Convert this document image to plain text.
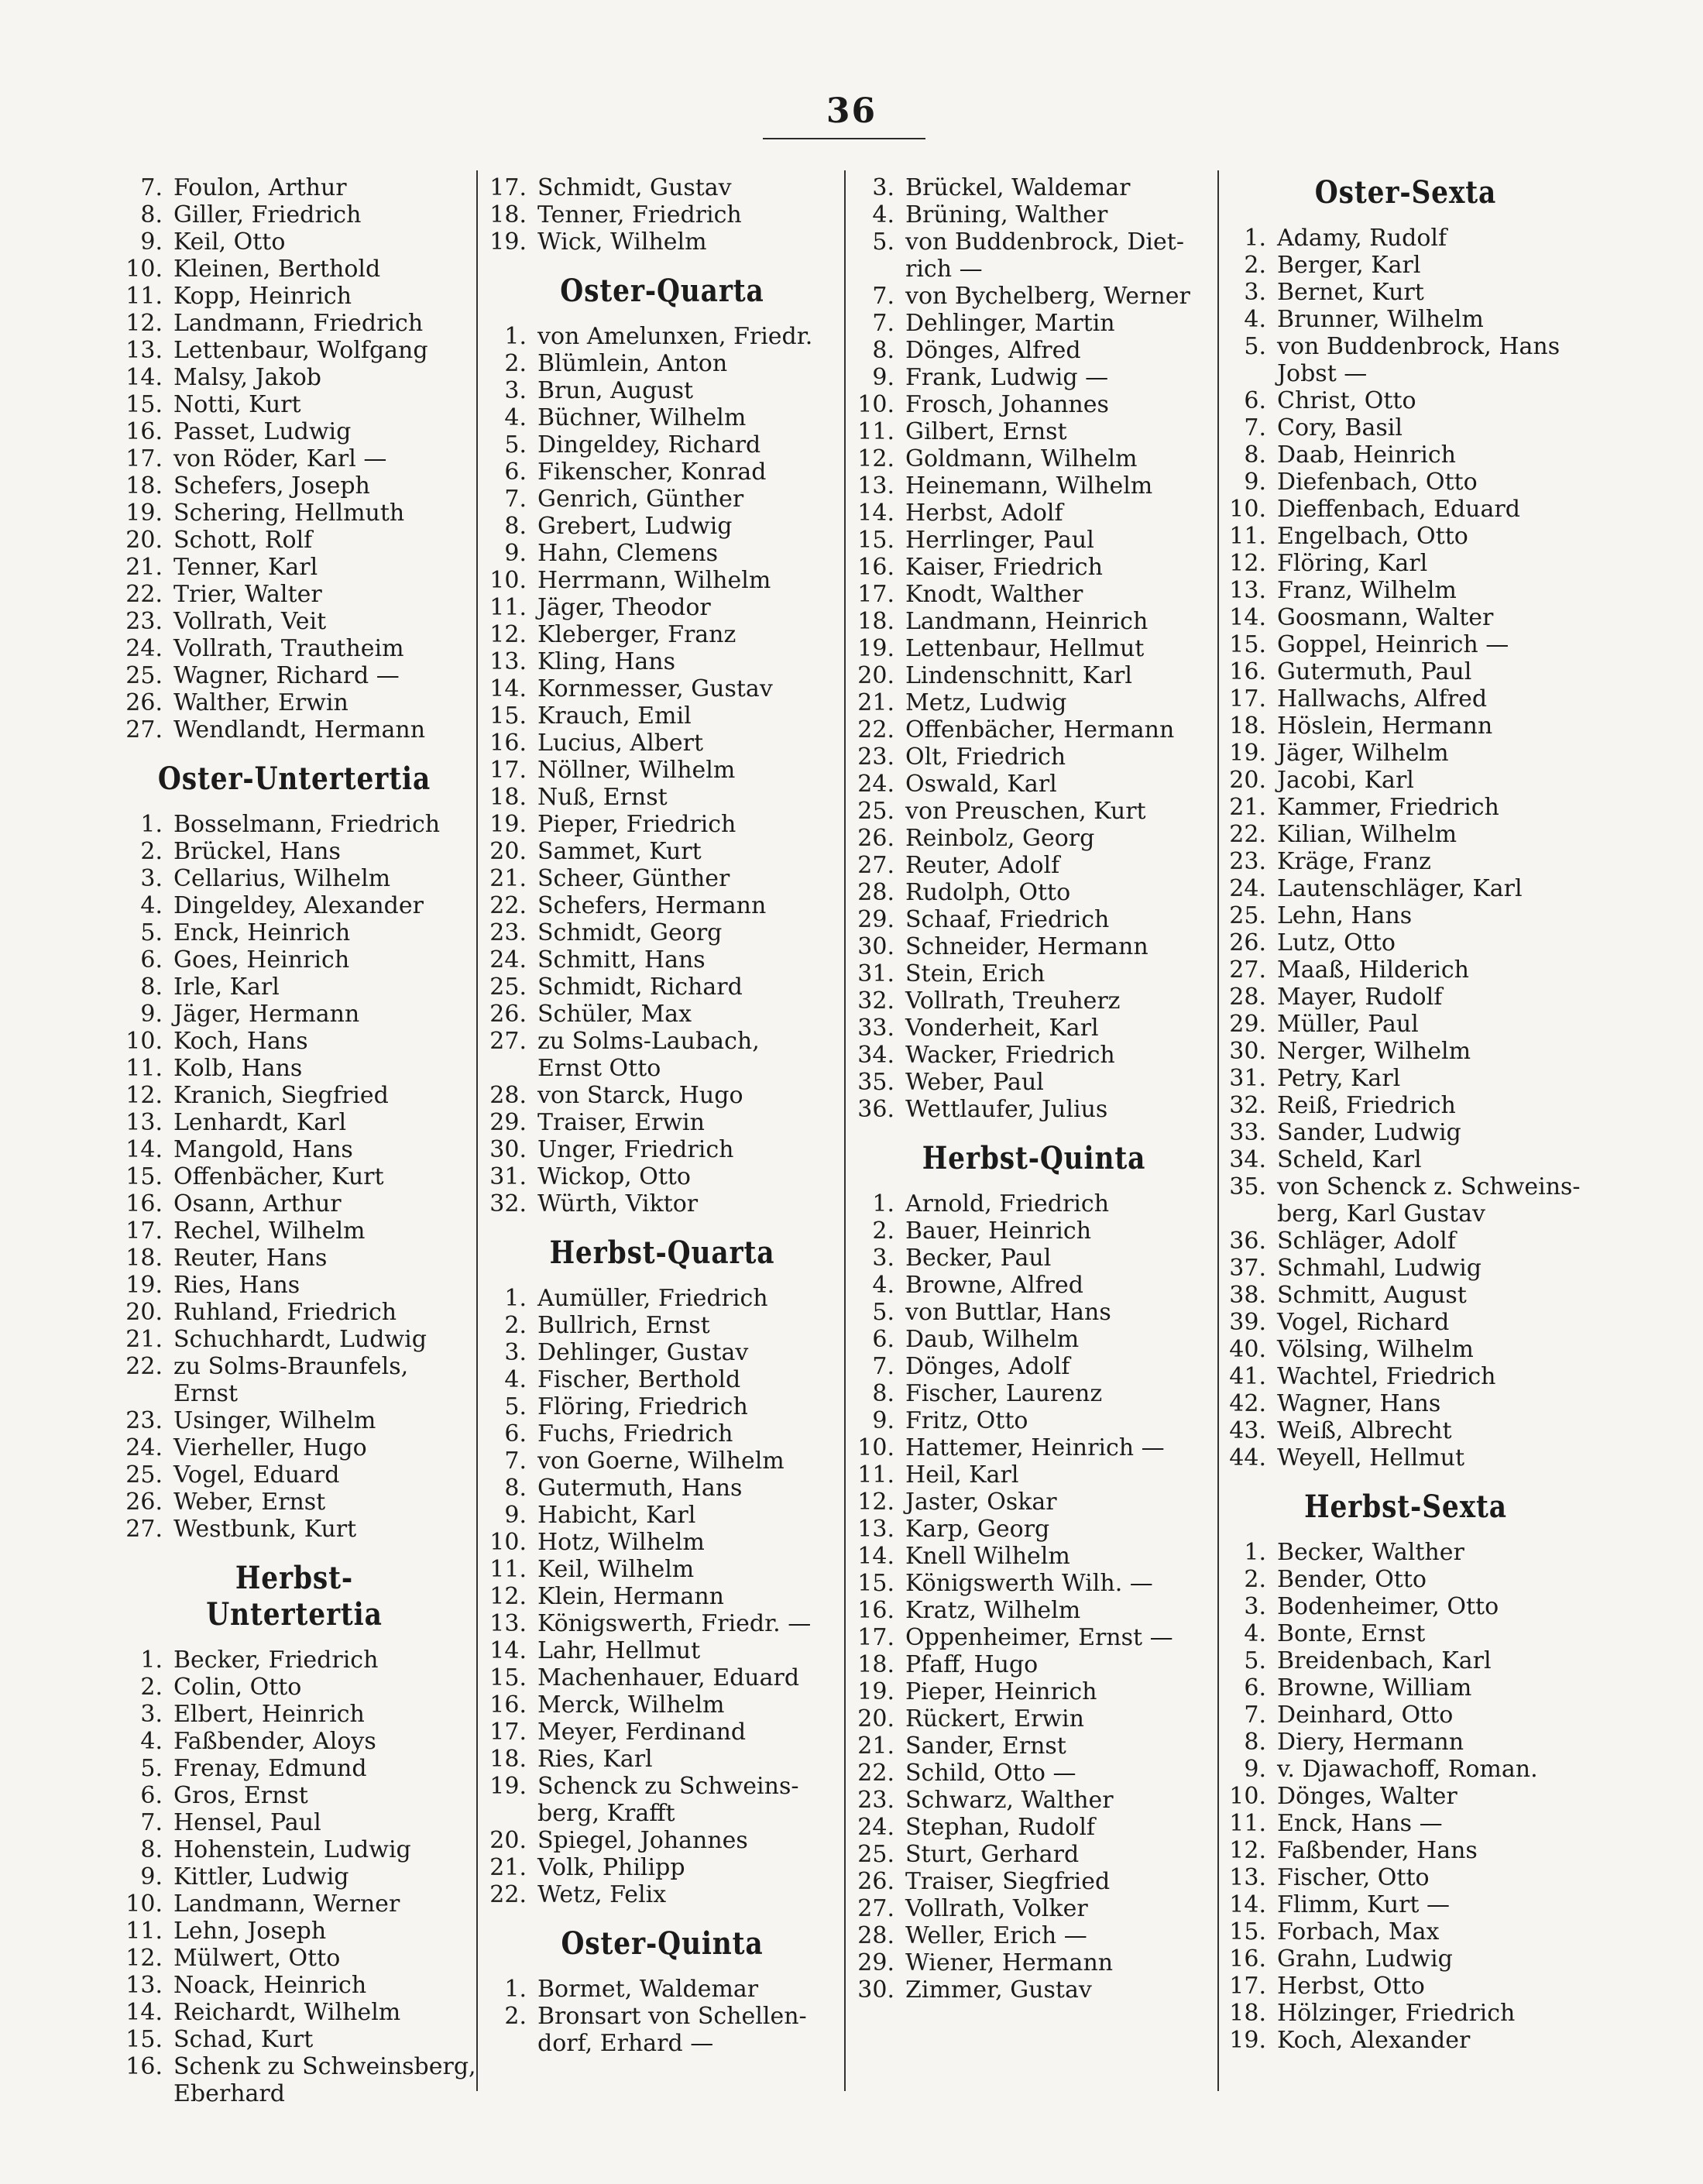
36
7. Foulon, Arthur
8. Giller, Friedrich
9. Keil, Otto
10. Kleinen, Berthold
11. Kopp, Heinrich
12. Landmann, Friedrich
13. Lettenbaur, Wolfgang
14. Malsy, Jakob
15. Notti, Kurt
16. Passet, Ludwig
17. von Röder, Karl —
18. Schefers, Joseph
19. Schering, Hellmuth
20. Schott, Rolf
21. Tenner, Karl
22. Trier, Walter
23. Vollrath, Veit
24. Vollrath, Trautheim
25. Wagner, Richard —
26. Walther, Erwin
27. Wendlandt, Hermann
Oster-Untertertia
1. Bosselmann, Friedrich
2. Brückel, Hans
3. Cellarius, Wilhelm
4. Dingeldey, Alexander
5. Enck, Heinrich
6. Goes, Heinrich
8. Irle, Karl
9. Jäger, Hermann
10. Koch, Hans
11. Kolb, Hans
12. Kranich, Siegfried
13. Lenhardt, Karl
14. Mangold, Hans
15. Offenbächer, Kurt
16. Osann, Arthur
17. Rechel, Wilhelm
18. Reuter, Hans
19. Ries, Hans
20. Ruhland, Friedrich
21. Schuchhardt, Ludwig
22. zu Solms-Braunfels,
Ernst
23. Usinger, Wilhelm
24. Vierheller, Hugo
25. Vogel, Eduard
26. Weber, Ernst
27. Westbunk, Kurt
Herbst-Untertertia
1. Becker, Friedrich
2. Colin, Otto
3. Elbert, Heinrich
4. Faßbender, Aloys
5. Frenay, Edmund
6. Gros, Ernst
7. Hensel, Paul
8. Hohenstein, Ludwig
9. Kittler, Ludwig
10. Landmann, Werner
11. Lehn, Joseph
12. Mülwert, Otto
13. Noack, Heinrich
14. Reichardt, Wilhelm
15. Schad, Kurt
16. Schenk zu Schweinsberg,
Eberhard
17. Schmidt, Gustav
18. Tenner, Friedrich
19. Wick, Wilhelm
Oster-Quarta
1. von Amelunxen, Friedr.
2. Blümlein, Anton
3. Brun, August
4. Büchner, Wilhelm
5. Dingeldey, Richard
6. Fikenscher, Konrad
7. Genrich, Günther
8. Grebert, Ludwig
9. Hahn, Clemens
10. Herrmann, Wilhelm
11. Jäger, Theodor
12. Kleberger, Franz
13. Kling, Hans
14. Kornmesser, Gustav
15. Krauch, Emil
16. Lucius, Albert
17. Nöllner, Wilhelm
18. Nuß, Ernst
19. Pieper, Friedrich
20. Sammet, Kurt
21. Scheer, Günther
22. Schefers, Hermann
23. Schmidt, Georg
24. Schmitt, Hans
25. Schmidt, Richard
26. Schüler, Max
27. zu Solms-Laubach,
Ernst Otto
28. von Starck, Hugo
29. Traiser, Erwin
30. Unger, Friedrich
31. Wickop, Otto
32. Würth, Viktor
Herbst-Quarta
1. Aumüller, Friedrich
2. Bullrich, Ernst
3. Dehlinger, Gustav
4. Fischer, Berthold
5. Flöring, Friedrich
6. Fuchs, Friedrich
7. von Goerne, Wilhelm
8. Gutermuth, Hans
9. Habicht, Karl
10. Hotz, Wilhelm
11. Keil, Wilhelm
12. Klein, Hermann
13. Königswerth, Friedr. —
14. Lahr, Hellmut
15. Machenhauer, Eduard
16. Merck, Wilhelm
17. Meyer, Ferdinand
18. Ries, Karl
19. Schenck zu Schweins-
berg, Krafft
20. Spiegel, Johannes
21. Volk, Philipp
22. Wetz, Felix
Oster-Quinta
1. Bormet, Waldemar
2. Bronsart von Schellen-
dorf, Erhard —
3. Brückel, Waldemar
4. Brüning, Walther
5. von Buddenbrock, Diet-
rich —
7. von Bychelberg, Werner
7. Dehlinger, Martin
8. Dönges, Alfred
9. Frank, Ludwig —
10. Frosch, Johannes
11. Gilbert, Ernst
12. Goldmann, Wilhelm
13. Heinemann, Wilhelm
14. Herbst, Adolf
15. Herrlinger, Paul
16. Kaiser, Friedrich
17. Knodt, Walther
18. Landmann, Heinrich
19. Lettenbaur, Hellmut
20. Lindenschnitt, Karl
21. Metz, Ludwig
22. Offenbächer, Hermann
23. Olt, Friedrich
24. Oswald, Karl
25. von Preuschen, Kurt
26. Reinbolz, Georg
27. Reuter, Adolf
28. Rudolph, Otto
29. Schaaf, Friedrich
30. Schneider, Hermann
31. Stein, Erich
32. Vollrath, Treuherz
33. Vonderheit, Karl
34. Wacker, Friedrich
35. Weber, Paul
36. Wettlaufer, Julius
Herbst-Quinta
1. Arnold, Friedrich
2. Bauer, Heinrich
3. Becker, Paul
4. Browne, Alfred
5. von Buttlar, Hans
6. Daub, Wilhelm
7. Dönges, Adolf
8. Fischer, Laurenz
9. Fritz, Otto
10. Hattemer, Heinrich —
11. Heil, Karl
12. Jaster, Oskar
13. Karp, Georg
14. Knell Wilhelm
15. Königswerth Wilh. —
16. Kratz, Wilhelm
17. Oppenheimer, Ernst —
18. Pfaff, Hugo
19. Pieper, Heinrich
20. Rückert, Erwin
21. Sander, Ernst
22. Schild, Otto —
23. Schwarz, Walther
24. Stephan, Rudolf
25. Sturt, Gerhard
26. Traiser, Siegfried
27. Vollrath, Volker
28. Weller, Erich —
29. Wiener, Hermann
30. Zimmer, Gustav
Oster-Sexta
1. Adamy, Rudolf
2. Berger, Karl
3. Bernet, Kurt
4. Brunner, Wilhelm
5. von Buddenbrock, Hans
Jobst —
6. Christ, Otto
7. Cory, Basil
8. Daab, Heinrich
9. Diefenbach, Otto
10. Dieffenbach, Eduard
11. Engelbach, Otto
12. Flöring, Karl
13. Franz, Wilhelm
14. Goosmann, Walter
15. Goppel, Heinrich —
16. Gutermuth, Paul
17. Hallwachs, Alfred
18. Höslein, Hermann
19. Jäger, Wilhelm
20. Jacobi, Karl
21. Kammer, Friedrich
22. Kilian, Wilhelm
23. Kräge, Franz
24. Lautenschläger, Karl
25. Lehn, Hans
26. Lutz, Otto
27. Maaß, Hilderich
28. Mayer, Rudolf
29. Müller, Paul
30. Nerger, Wilhelm
31. Petry, Karl
32. Reiß, Friedrich
33. Sander, Ludwig
34. Scheld, Karl
35. von Schenck z. Schweins-
berg, Karl Gustav
36. Schläger, Adolf
37. Schmahl, Ludwig
38. Schmitt, August
39. Vogel, Richard
40. Völsing, Wilhelm
41. Wachtel, Friedrich
42. Wagner, Hans
43. Weiß, Albrecht
44. Weyell, Hellmut
Herbst-Sexta
1. Becker, Walther
2. Bender, Otto
3. Bodenheimer, Otto
4. Bonte, Ernst
5. Breidenbach, Karl
6. Browne, William
7. Deinhard, Otto
8. Diery, Hermann
9. v. Djawachoff, Roman.
10. Dönges, Walter
11. Enck, Hans —
12. Faßbender, Hans
13. Fischer, Otto
14. Flimm, Kurt —
15. Forbach, Max
16. Grahn, Ludwig
17. Herbst, Otto
18. Hölzinger, Friedrich
19. Koch, Alexander
